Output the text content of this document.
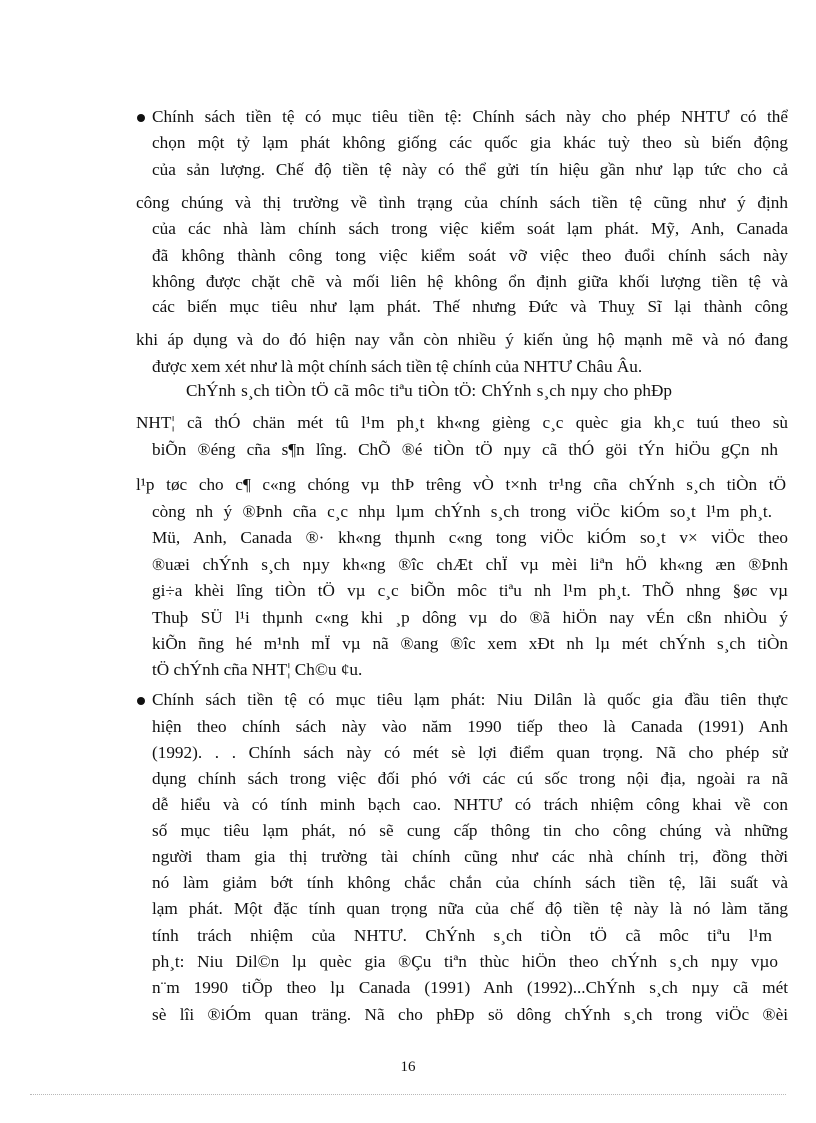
Chính sách tiền tệ có mục tiêu tiền tệ: Chính sách này cho phép NHTƯ có thể
chọn một tỷ lạm phát không giống các quốc gia khác tuỳ theo sù biến động
của sản lượng. Chế độ tiền tệ này có thể gửi tín hiệu gần như lạp tức cho cả
công chúng và thị trường về tình trạng của chính sách tiền tệ cũng như ý định
của các nhà làm chính sách trong việc kiểm soát lạm phát. Mỹ, Anh, Canada
đã không thành công tong việc kiểm soát vỡ việc theo đuổi chính sách này
không được chặt chẽ và mối liên hệ không ổn định giữa khối lượng tiền tệ và
các biến mục tiêu như lạm phát. Thế nhưng Đức và Thuỵ Sĩ lại thành công
khi áp dụng và do đó hiện nay vẫn còn nhiều ý kiến ủng hộ mạnh mẽ và nó đang
được xem xét như là một chính sách tiền tệ chính của NHTƯ Châu Âu.
ChÝnh s¸ch tiÒn tÖ cã môc tiªu tiÒn tÖ: ChÝnh s¸ch nµy cho phÐp
NHT¦ cã thÓ chän mét tû l¹m ph¸t kh«ng gièng c¸c quèc gia kh¸c tuú theo sù
biÕn ®éng cña s¶n lîng. ChÕ ®é tiÒn tÖ nµy cã thÓ göi tÝn hiÖu gÇn nh
l¹p tøc cho c¶ c«ng chóng vµ thÞ trêng vÒ t×nh tr¹ng cña chÝnh s¸ch tiÒn tÖ
còng nh ý ®Þnh cña c¸c nhµ lµm chÝnh s¸ch trong viÖc kiÓm so¸t l¹m ph¸t.
Mü, Anh, Canada ®· kh«ng thµnh c«ng tong viÖc kiÓm so¸t v× viÖc theo
®uæi chÝnh s¸ch nµy kh«ng ®îc chÆt chÏ vµ mèi liªn hÖ kh«ng æn ®Þnh
gi÷a khèi lîng tiÒn tÖ vµ c¸c biÕn môc tiªu nh l¹m ph¸t. ThÕ nhng §øc vµ
Thuþ SÜ l¹i thµnh c«ng khi ¸p dông vµ do ®ã hiÖn nay vÉn cßn nhiÒu ý
kiÕn ñng hé m¹nh mÏ vµ nã ®ang ®îc xem xÐt nh lµ mét chÝnh s¸ch tiÒn
tÖ chÝnh cña NHT¦ Ch©u ¢u.
Chính sách tiền tệ có mục tiêu lạm phát: Niu Dilân là quốc gia đầu tiên thực
hiện theo chính sách này vào năm 1990 tiếp theo là Canada (1991) Anh
(1992). . . Chính sách này có mét sè lợi điểm quan trọng. Nã cho phép sử
dụng chính sách trong việc đối phó với các cú sốc trong nội địa, ngoài ra nã
dễ hiểu và có tính minh bạch cao. NHTƯ có trách nhiệm công khai về con
số mục tiêu lạm phát, nó sẽ cung cấp thông tin cho công chúng và những
người tham gia thị trường tài chính cũng như các nhà chính trị, đồng thời
nó làm giảm bớt tính không chắc chắn của chính sách tiền tệ, lãi suất và
lạm phát. Một đặc tính quan trọng nữa của chế độ tiền tệ này là nó làm tăng
tính trách nhiệm của NHTƯ. ChÝnh s¸ch tiÒn tÖ cã môc tiªu l¹m
ph¸t: Niu Dil©n lµ quèc gia ®Çu tiªn thùc hiÖn theo chÝnh s¸ch nµy vµo
n¨m 1990 tiÕp theo lµ Canada (1991) Anh (1992)...ChÝnh s¸ch nµy cã mét
sè lîi ®iÓm quan träng. Nã cho phÐp sö dông chÝnh s¸ch trong viÖc ®èi
16
